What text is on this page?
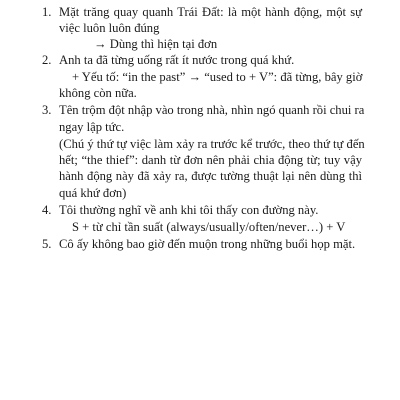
1. Mặt trăng quay quanh Trái Đất: là một hành động, một sự
việc luôn luôn đúng
→ Dùng thì hiện tại đơn
2. Anh ta đã từng uống rất ít nước trong quá khứ.
+ Yếu tố: “in the past” → “used to + V”: đã từng, bây giờ
không còn nữa.
3. Tên trộm đột nhập vào trong nhà, nhìn ngó quanh rồi chui ra
ngay lập tức.
(Chú ý thứ tự việc làm xảy ra trước kể trước, theo thứ tự đến
hết; “the thief”: danh từ đơn nên phải chia động từ; tuy vậy
hành động này đã xảy ra, được tường thuật lại nên dùng thì
quá khứ đơn)
4. Tôi thường nghĩ về anh khi tôi thấy con đường này.
S + từ chỉ tần suất (always/usually/often/never…) + V
5. Cô ấy không bao giờ đến muộn trong những buổi họp mặt.
